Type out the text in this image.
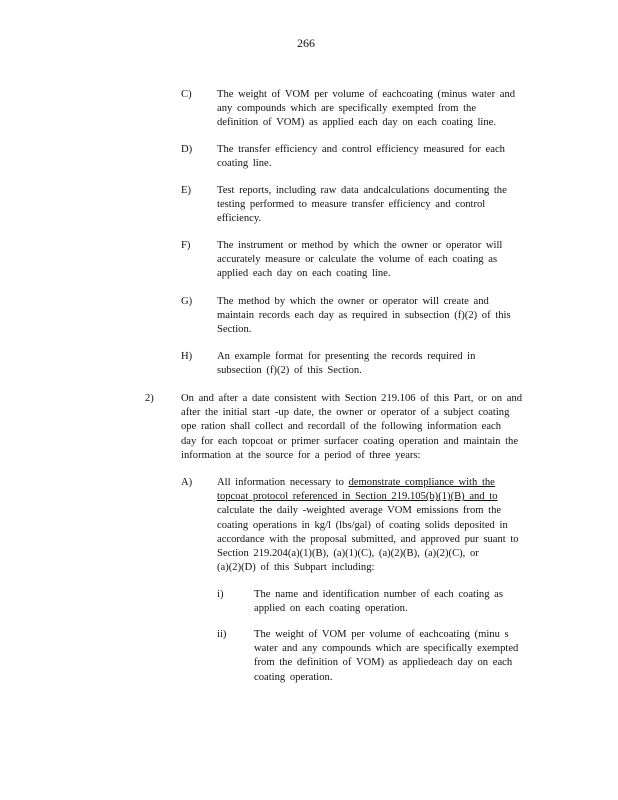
266
C) The weight of VOM per volume of eachcoating (minus water and
any compounds which are specifically exempted from the
definition of VOM) as applied each day on each coating line.
D) The transfer efficiency and control efficiency measured for each
coating line.
E) Test reports, including raw data andcalculations documenting the
testing performed to measure transfer efficiency and control
efficiency.
F)	The instrument or method by which the owner or operator will
accurately measure or calculate the volume of each coating as
applied each day on each coating line.
G) The method by which the owner or operator will create and
maintain records each day as required in subsection (f)(2) of this
Section.
H) An example format for presenting the records required in
subsection (f)(2) of this Section.
2)	On and after a date consistent with Section 219.106 of this Part, or on and
after the initial start -up date, the owner or operator of a subject coating
ope ration shall collect and recordall of the following information each
day for each topcoat or primer surfacer coating operation and maintain the
information at the source for a period of three years:
A) All information necessary to demonstrate compliance with the
topcoat protocol referenced in Section 219.105(b)(1)(B) and to
calculate the daily -weighted average VOM emissions from the
coating operations in kg/l (lbs/gal) of coating solids deposited in
accordance with the proposal submitted, and approved pur suant to
Section 219.204(a)(1)(B), (a)(1)(C), (a)(2)(B), (a)(2)(C), or
(a)(2)(D) of this Subpart including:
i)	The name and identification number of each coating as
applied on each coating operation.
ii)	The weight of VOM per volume of eachcoating (minu s
water and any compounds which are specifically exempted
from the definition of VOM) as appliedeach day on each
coating operation.
